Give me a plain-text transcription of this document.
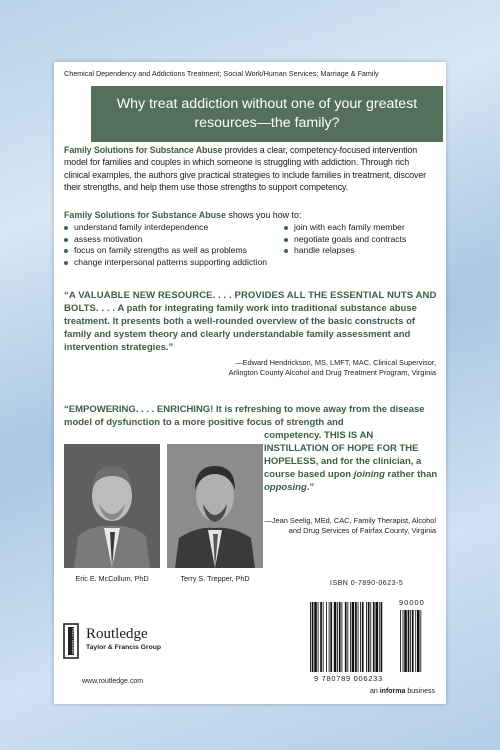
Chemical Dependency and Addictions Treatment; Social Work/Human Services; Marriage & Family
Why treat addiction without one of your greatest resources—the family?
Family Solutions for Substance Abuse provides a clear, competency-focused intervention model for families and couples in which someone is struggling with addiction. Through rich clinical examples, the authors give practical strategies to include families in treatment, discover their strengths, and help them use those strengths to support competency.
Family Solutions for Substance Abuse shows you how to:
understand family interdependence
assess motivation
focus on family strengths as well as problems
change interpersonal patterns supporting addiction
join with each family member
negotiate goals and contracts
handle relapses
“A VALUABLE NEW RESOURCE. . . . PROVIDES ALL THE ESSENTIAL NUTS AND BOLTS. . . . A path for integrating family work into traditional substance abuse treatment. It presents both a well-rounded overview of the basic constructs of family and system theory and clearly understandable family assessment and intervention strategies.”
—Edward Hendrickson, MS, LMFT, MAC, Clinical Supervisor,
Arlington County Alcohol and Drug Treatment Program, Virginia
“EMPOWERING. . . . ENRICHING! It is refreshing to move away from the disease model of dysfunction to a more positive focus of strength and
competency. THIS IS AN INSTILLATION OF HOPE FOR THE HOPELESS, and for the clinician, a course based upon joining rather than opposing.”
—Jean Seelig, MEd, CAC, Family Therapist, Alcohol
and Drug Services of Fairfax County, Virginia
Eric E. McCollum, PhD	Terry S. Trepper, PhD
ROUTLEDGE Routledge
Taylor & Francis Group
www.routledge.com
ISBN 0-7890-0623-5
90000
9 780789 006233
an informa business
